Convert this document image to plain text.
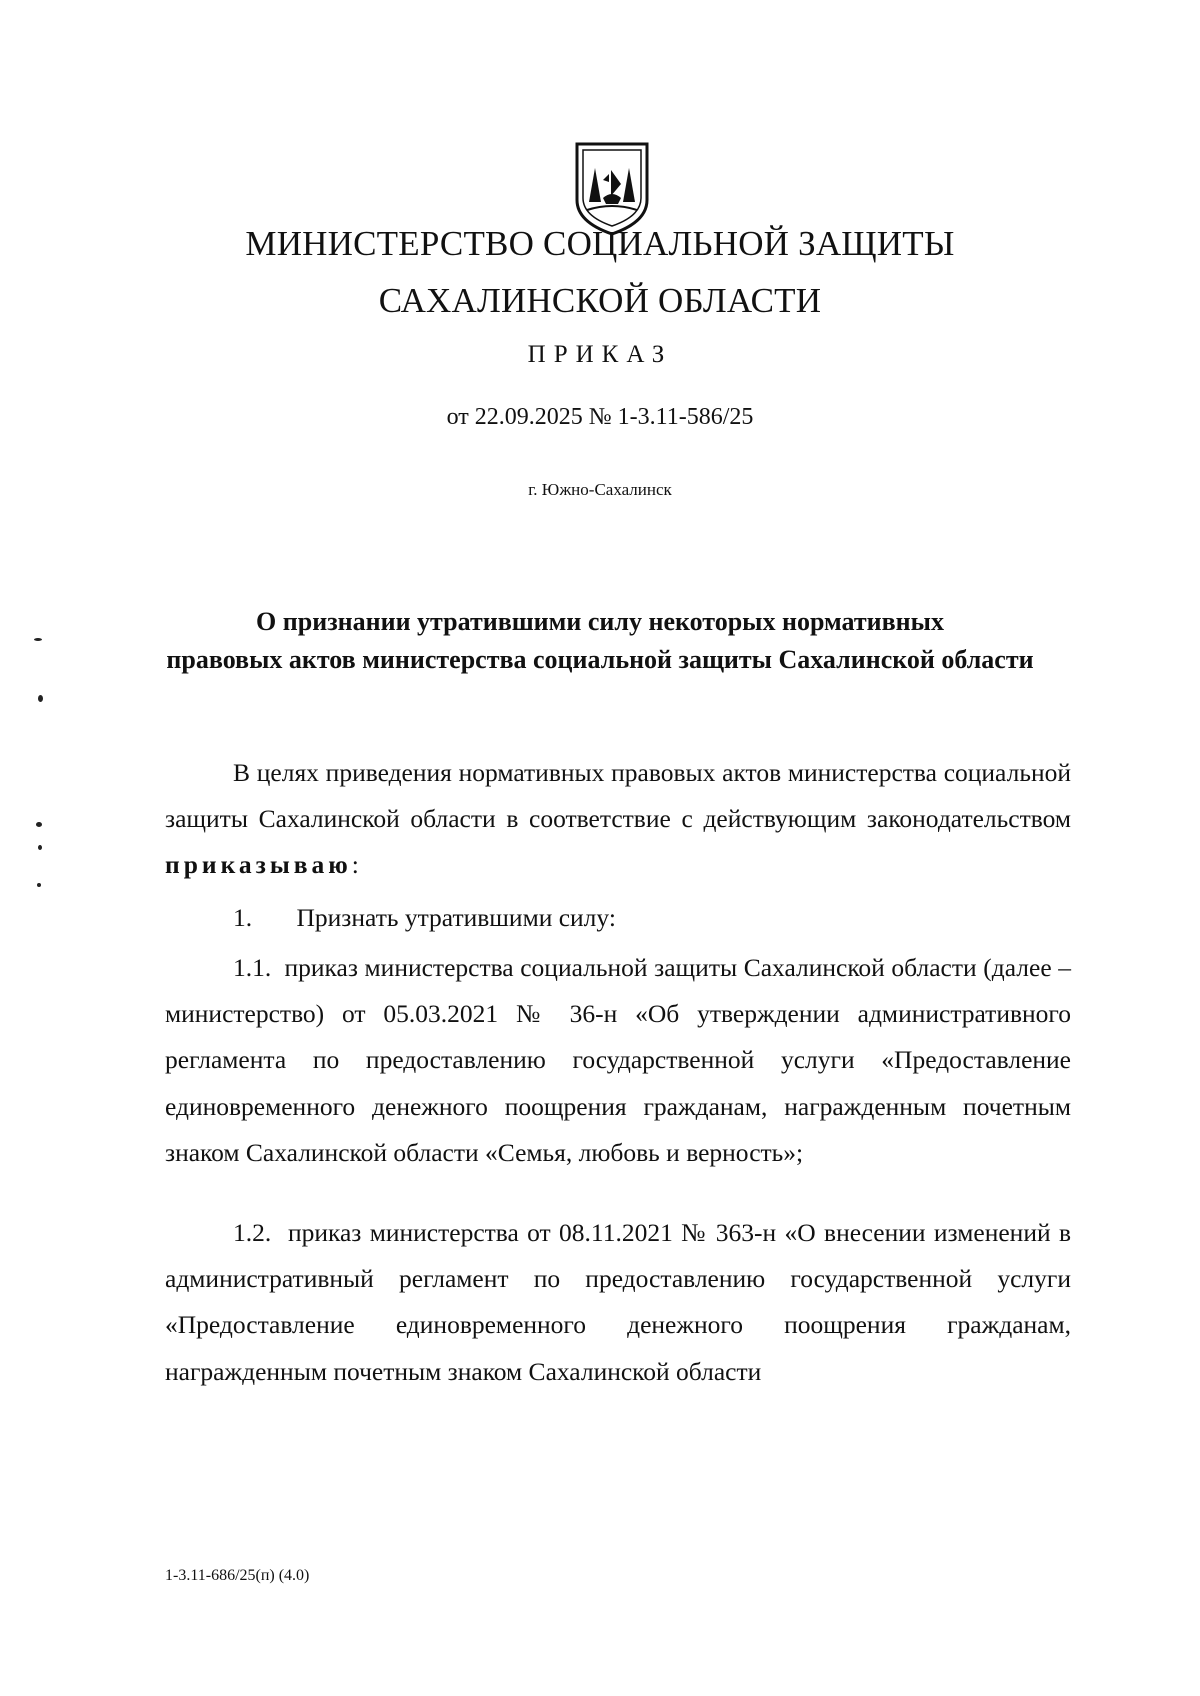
МИНИСТЕРСТВО СОЦИАЛЬНОЙ ЗАЩИТЫ
САХАЛИНСКОЙ ОБЛАСТИ
ПРИКАЗ
от 22.09.2025 № 1-3.11-586/25
г. Южно-Сахалинск
О признании утратившими силу некоторых нормативных
правовых актов министерства социальной защиты Сахалинской области
В целях приведения нормативных правовых актов министерства социальной защиты Сахалинской области в соответствие с действующим законодательством приказываю:
1. Признать утратившими силу:
1.1. приказ министерства социальной защиты Сахалинской области (далее – министерство) от 05.03.2021 № 36-н «Об утверждении административного регламента по предоставлению государственной услуги «Предоставление единовременного денежного поощрения гражданам, награжденным почетным знаком Сахалинской области «Семья, любовь и верность»;
1.2. приказ министерства от 08.11.2021 № 363-н «О внесении изменений в административный регламент по предоставлению государственной услуги «Предоставление единовременного денежного поощрения гражданам, награжденным почетным знаком Сахалинской области
1-3.11-686/25(п) (4.0)
